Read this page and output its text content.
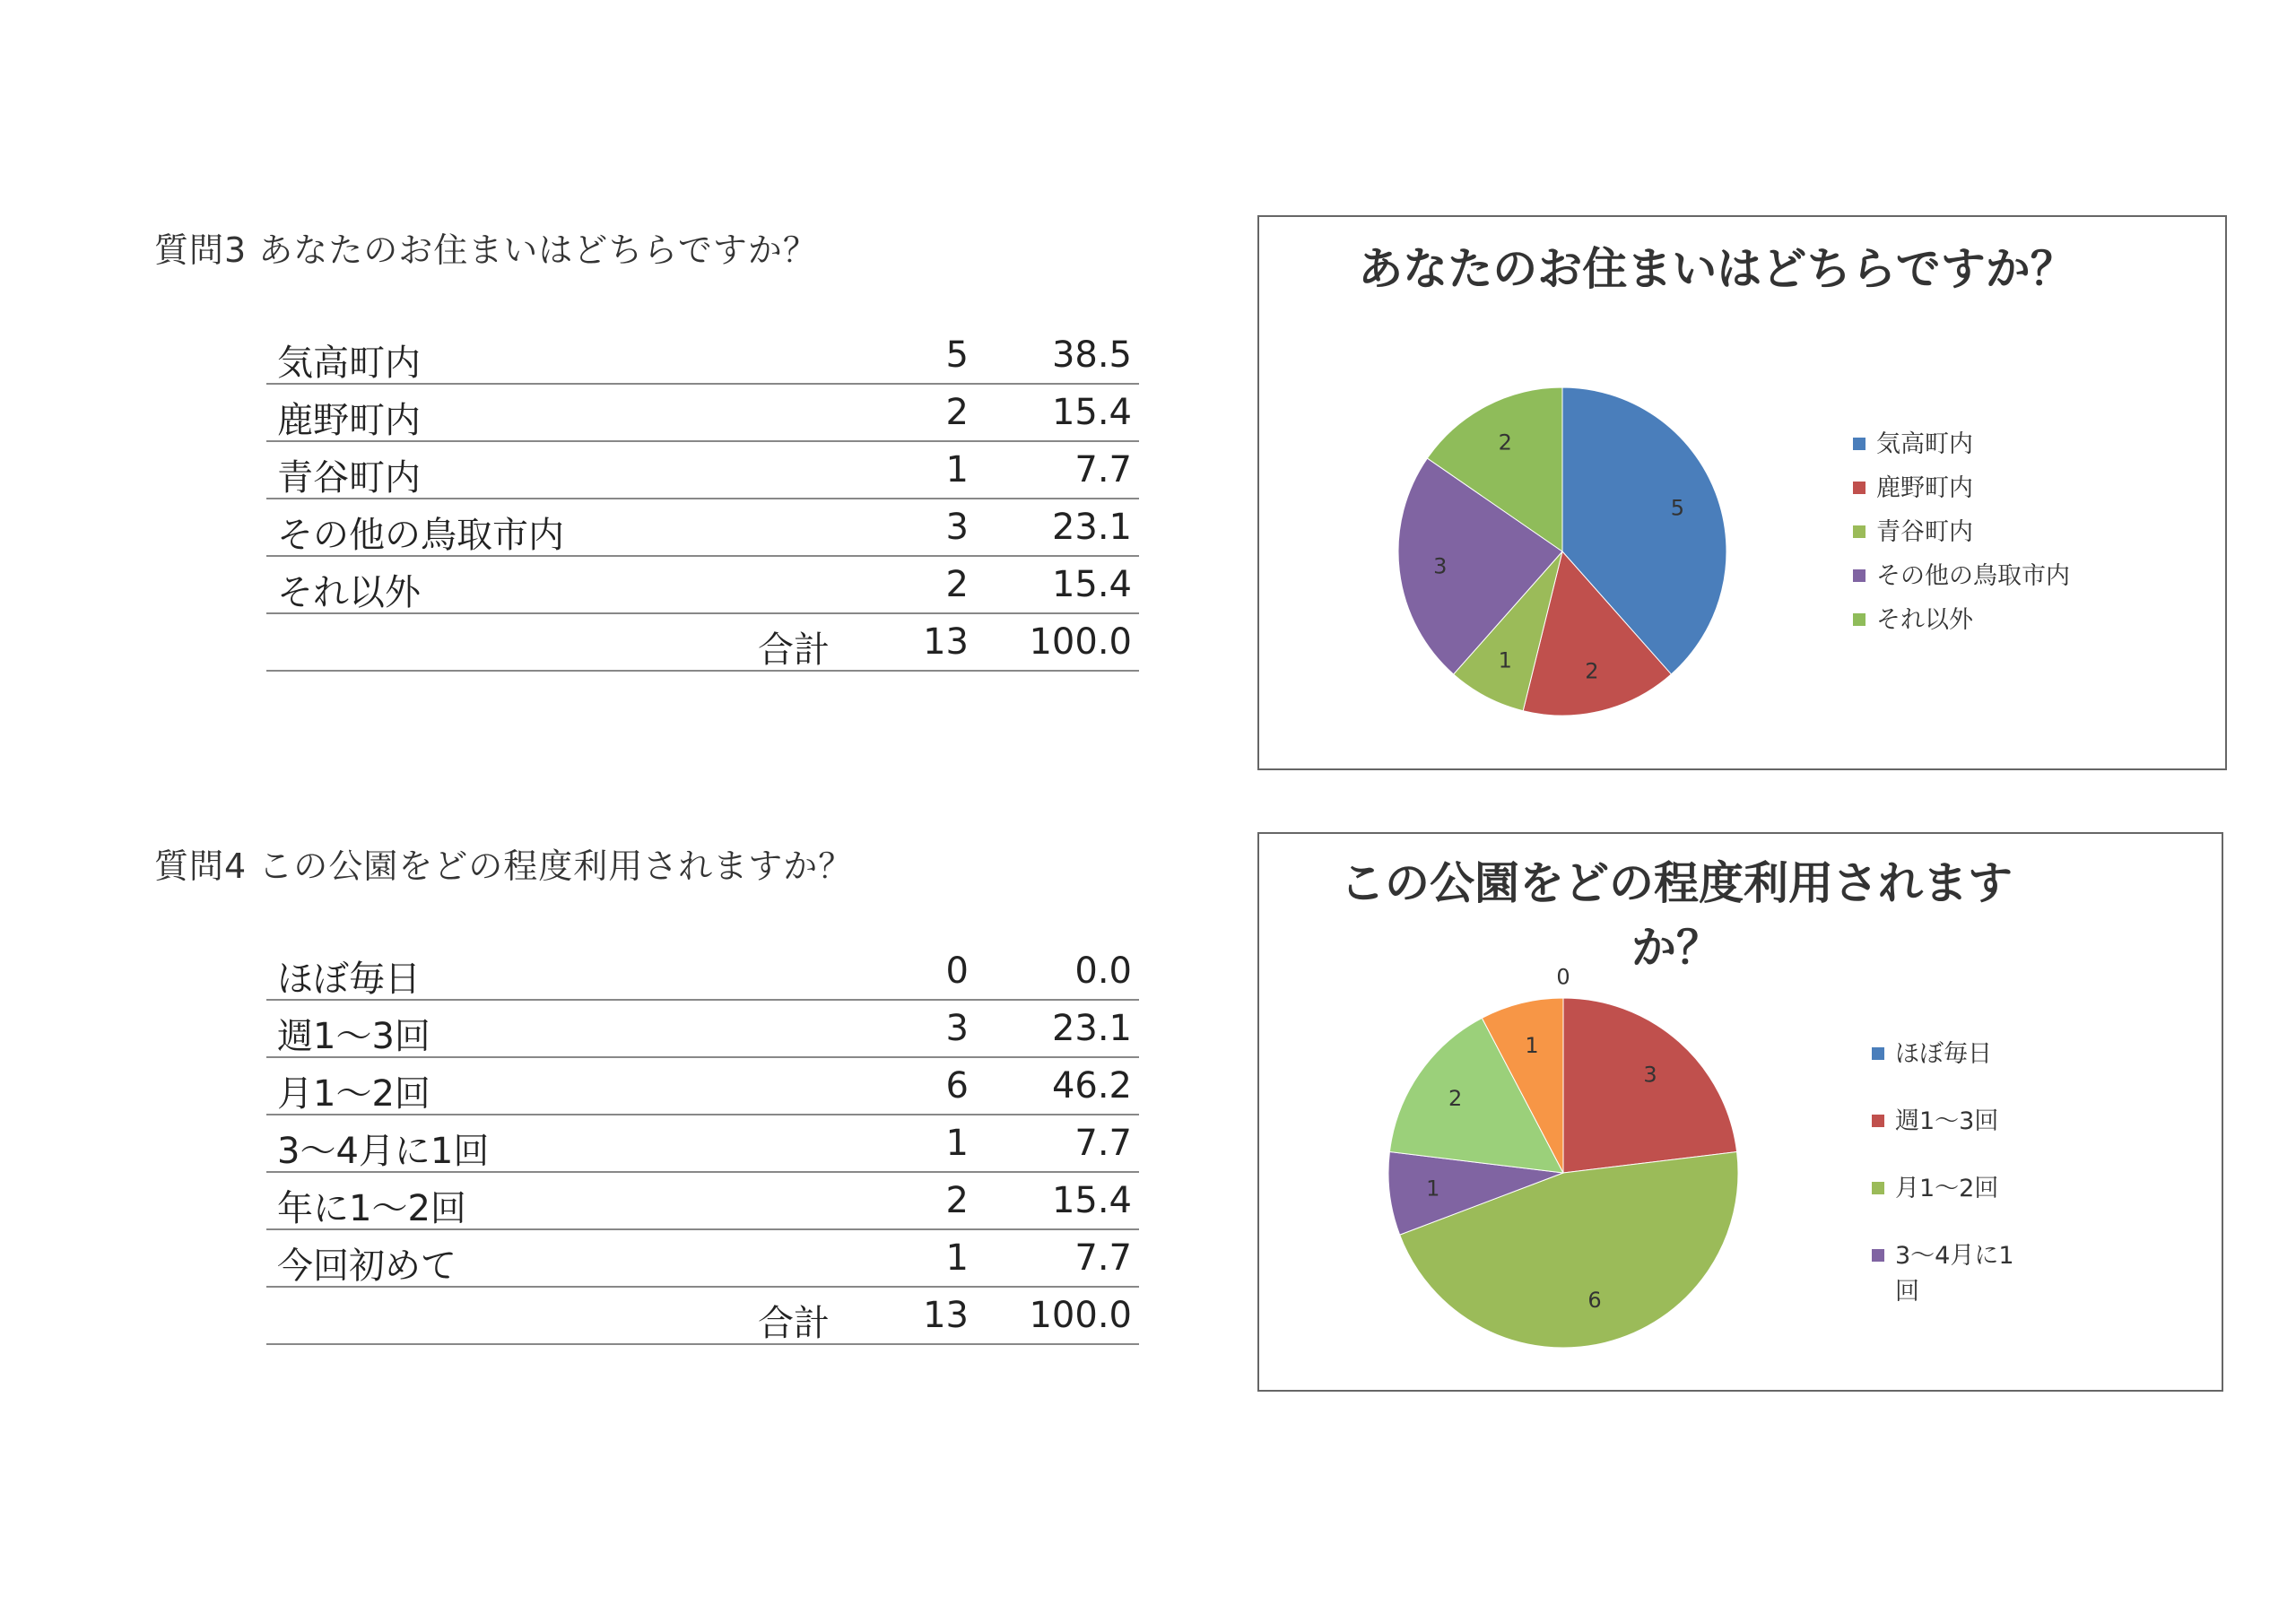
質問3 あなたのお住まいはどちらですか？
気高町内	5 38.5
鹿野町内	2 15.4
青谷町内	1	7.7
その他の鳥取市内	3 23.1
それ以外	2 15.4
合計	13 100.0
あなたのお住まいはどちらですか？
5
2
1
3
2	気高町内
鹿野町内
青谷町内
その他の鳥取市内
それ以外
質問4 この公園をどの程度利用されますか？
ほぼ毎日	0	0.0
週1～3回	3 23.1
月1～2回	6 46.2
3～4月に1回	1	7.7
年に1～2回	2 15.4
今回初めて	1	7.7
合計	13 100.0
この公園をどの程度利用されます
か？
0
3
6
1
2
1	ほぼ毎日
週1～3回
月1～2回
3～4月に1
回
